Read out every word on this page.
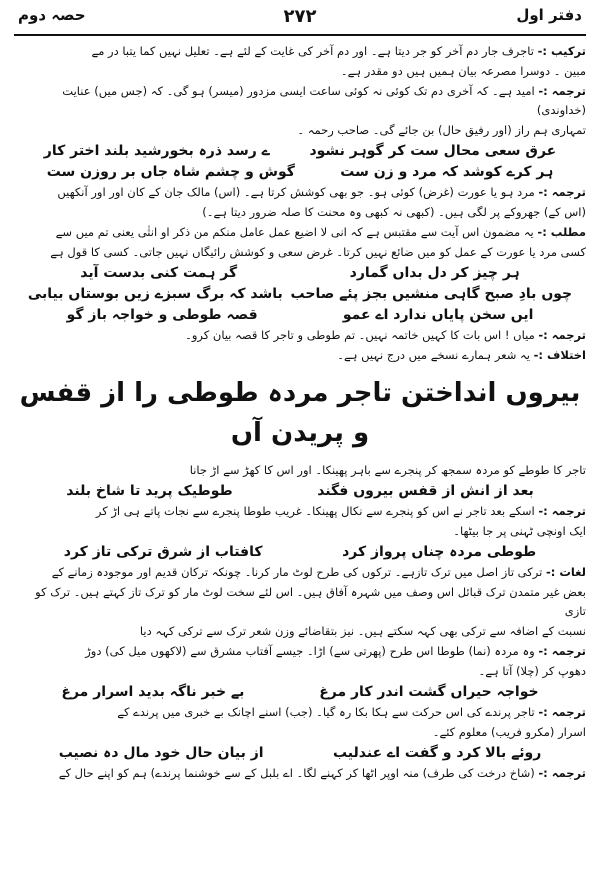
دفتر اول
۲۷۲
حصہ دوم
ترکیب :- تاجرف جار دم آخر کو جر دیتا ہے۔ اور دم آخر کی غایت کے لئے ہے۔ تعلیل نہیں کما یتبا در مے
مبین ۔ دوسرا مصرعہ بیان ہمیں ہیں دو مقدر ہے۔
ترجمہ :- امید ہے۔ کہ آخری دم تک کوئی نہ کوئی ساعت ایسی مزدور (میسر) ہو گی۔ کہ (جس میں) عنایت (خداوندی)
تمہاری ہم راز (اور رفیق حال) بن جائے گی۔ صاحب رحمہ ۔
عرق سعی محال ست کر گوہر نشود
ے رسد ذرہ بخورشید بلند اختر کار
ہر کرے کوشد کہ مرد و زن ست
گوش و چشم شاہ جاں بر روزن ست
ترجمہ :- مرد ہو یا عورت (غرض) کوئی ہو۔ جو بھی کوشش کرتا ہے۔ (اس) مالک جان کے کان اور اور آنکھیں
(اس کے) جھروکے پر لگی ہیں۔ (کبھی نہ کبھی وہ محنت کا صلہ ضرور دیتا ہے۔)
مطلب :- یہ مضمون اس آیت سے مقتبس ہے کہ انی لا اضیع عمل عامل منکم من ذکر او انثٰی یعنی تم میں سے
کسی مرد یا عورت کے عمل کو میں ضائع نہیں کرتا۔ غرض سعی و کوشش رائیگاں نہیں جاتی۔ کسی کا قول ہے
ہر چیز کر دل بداں گمارد
گر ہمت کنی بدست آید
چوں بادِ صبح گاہی منشیں بجز پئے صاحب
باشد کہ برگ سبزے زیں بوستاں بیابی
ایں سخن پایاں ندارد اے عمو
قصہ طوطی و خواجہ باز گو
ترجمہ :- میاں ! اس بات کا کہیں خاتمہ نہیں۔ تم طوطی و تاجر کا قصہ بیان کرو۔
اختلاف :- یہ شعر ہمارے نسخے میں درج نہیں ہے۔
بیروں انداختن تاجر مردہ طوطی را از قفس و پریدن آں
تاجر کا طوطے کو مردہ سمجھ کر پنجرے سے باہر پھینکا۔ اور اس کا کھڑ سے اڑ جانا
بعد از انش از قفس بیروں فگند
طوطیک پرید تا شاخ بلند
ترجمہ :- اسکے بعد تاجر نے اس کو پنجرے سے نکال پھینکا۔ غریب طوطا پنجرے سے نجات پاتے ہی اڑ کر
ایک اونچی ٹہنی پر جا بیٹھا۔
طوطی مردہ چناں پرواز کرد
کافتاب از شرق ترکی تاز کرد
لغات :- ترکی تاز اصل میں ترک تازہے۔ ترکوں کی طرح لوٹ مار کرنا۔ چونکہ ترکان قدیم اور موجودہ زمانے کے
بعض غیر متمدن ترک قبائل اس وصف میں شہرہ آفاق ہیں۔ اس لئے سخت لوٹ مار کو ترک تاز کہتے ہیں۔ ترک کو تازی
نسبت کے اضافہ سے ترکی بھی کہہ سکتے ہیں۔ نیز بتقاضائے وزن شعر ترک سے ترکی کہہ دیا
ترجمہ :- وہ مردہ (نما) طوطا اس طرح (پھرتی سے) اڑا۔ جیسے آفتاب مشرق سے (لاکھوں میل کی) دوڑ
دھوپ کر (چلا) آتا ہے۔
خواجہ حیراں گشت اندر کار مرغ
بے خبر ناگہ بدید اسرار مرغ
ترجمہ :- تاجر پرندے کی اس حرکت سے ہکا بکا رہ گیا۔ (جب) اسنے اچانک بے خبری میں پرندے کے
اسرار (مکرو فریب) معلوم کئے۔
روئے بالا کرد و گفت اے عندلیب
از بیان حال خود مال دہ نصیب
ترجمہ :- (شاخ درخت کی طرف) منہ اوپر اٹھا کر کہنے لگا۔ اے بلبل کے سے خوشنما پرندے) ہم کو اپنے حال کے
